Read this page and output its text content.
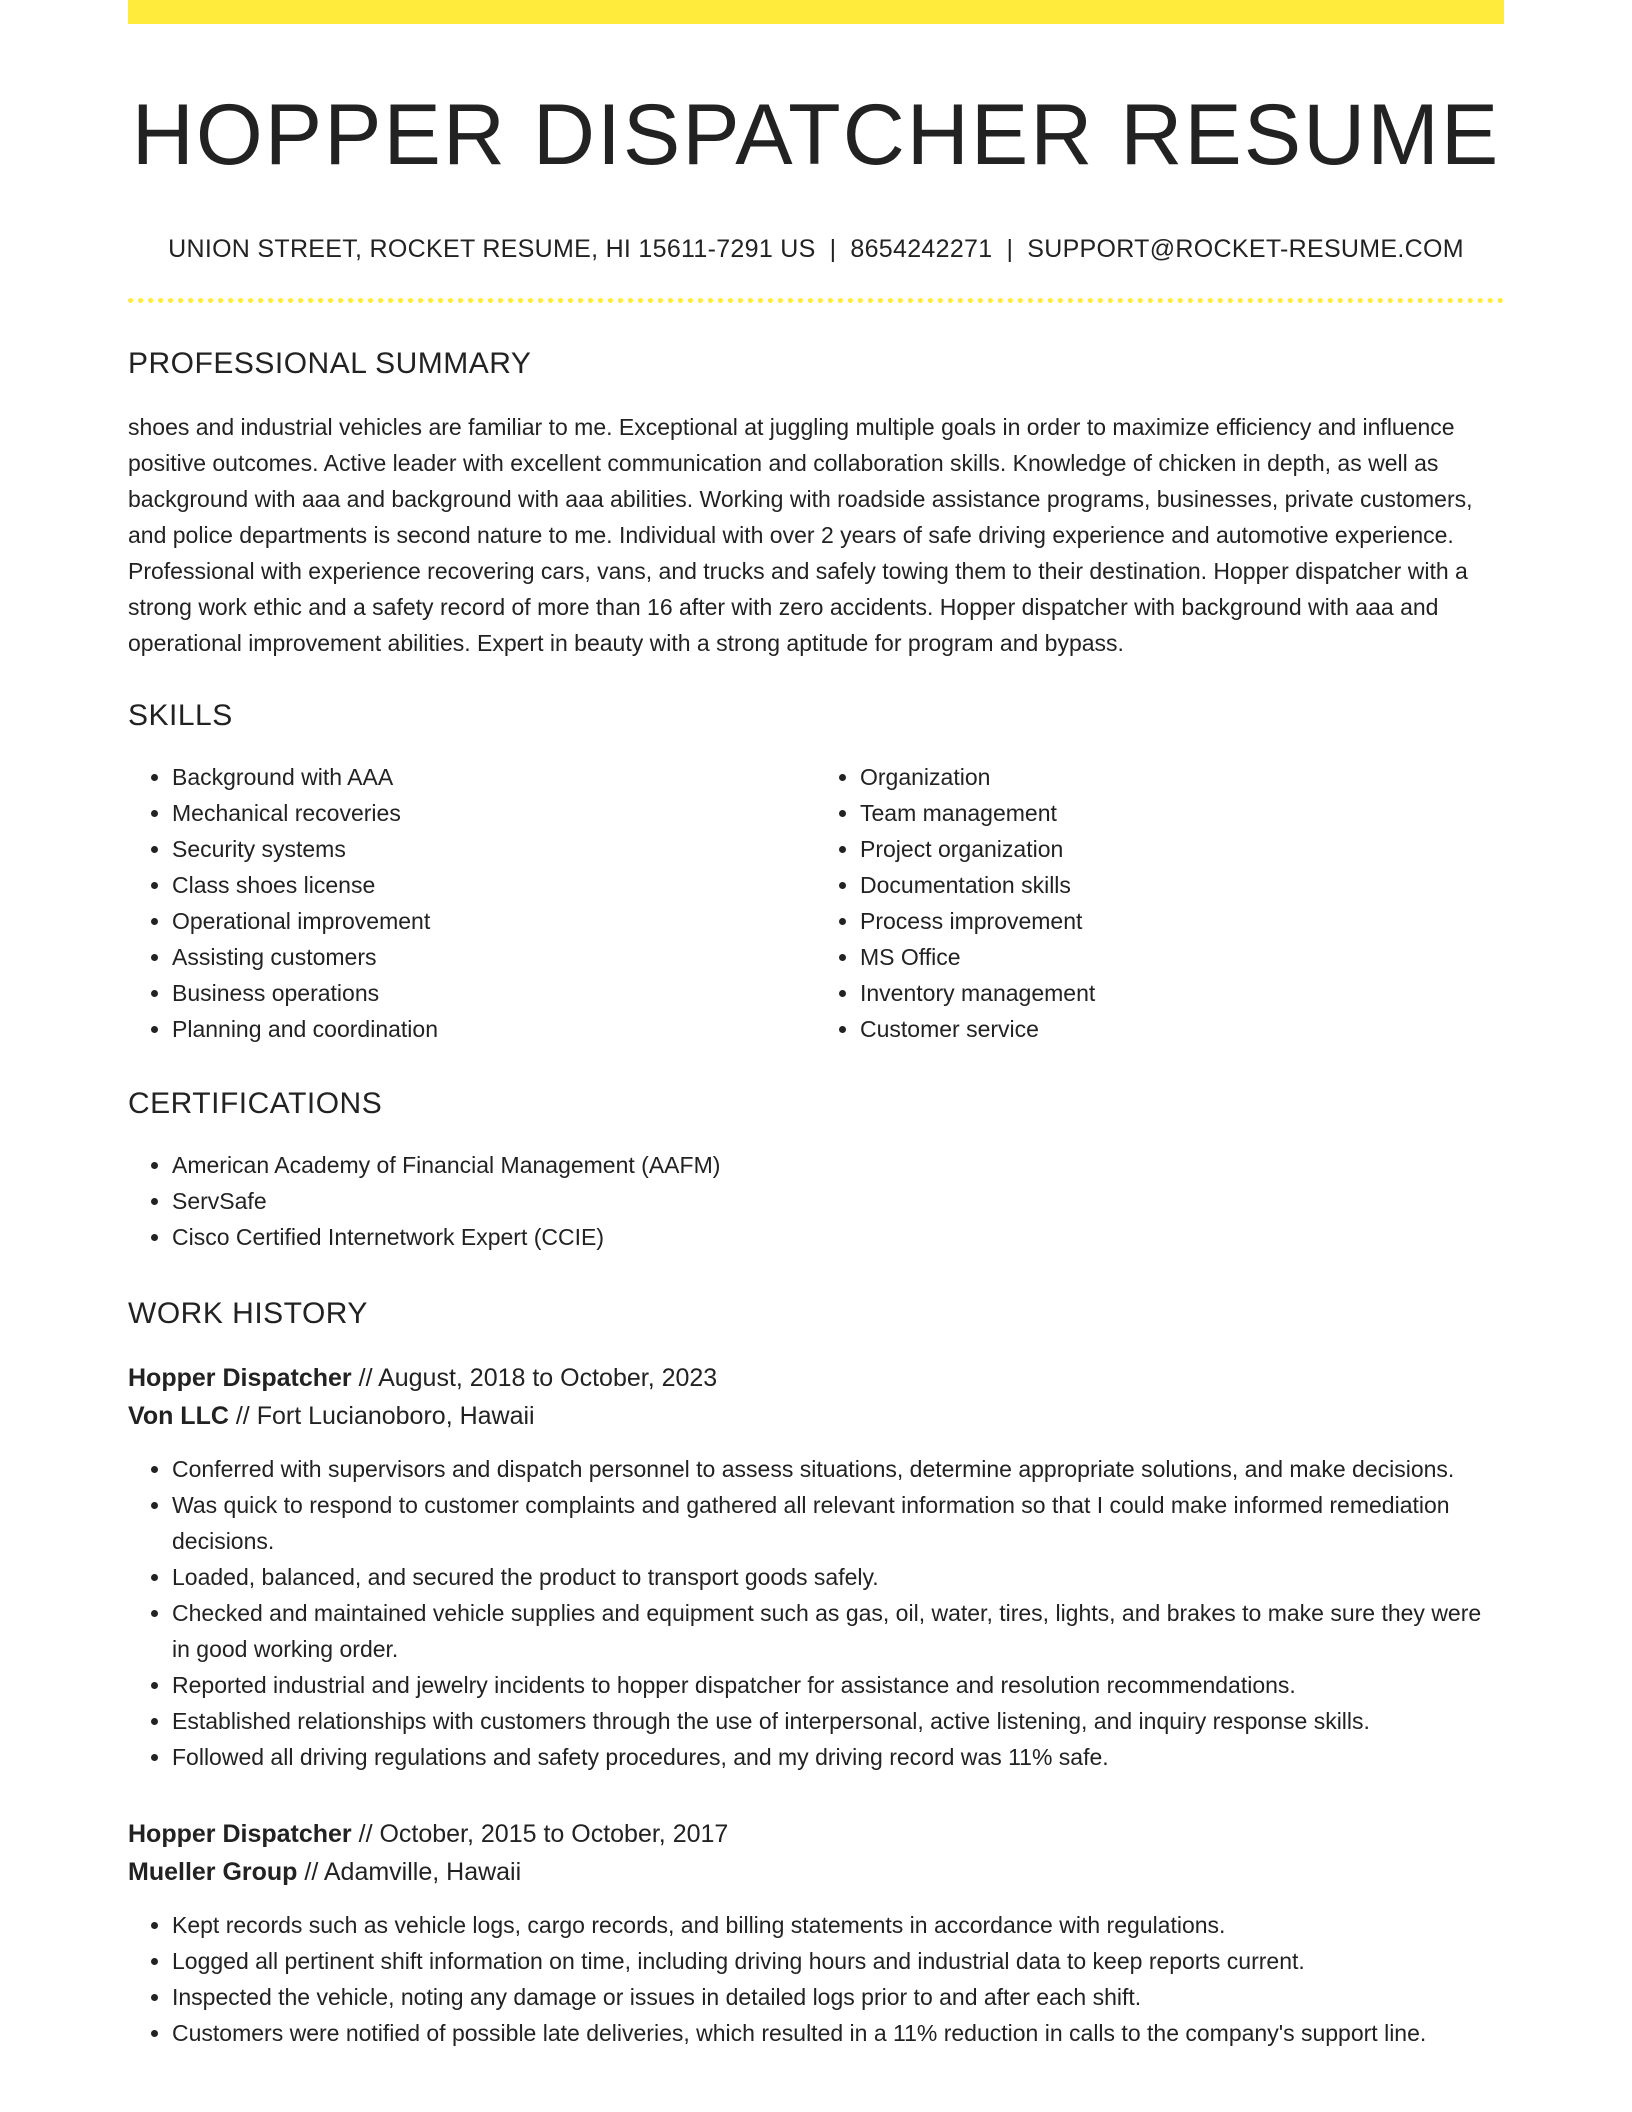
HOPPER DISPATCHER RESUME
UNION STREET, ROCKET RESUME, HI 15611-7291 US | 8654242271 | SUPPORT@ROCKET-RESUME.COM
PROFESSIONAL SUMMARY

shoes and industrial vehicles are familiar to me. Exceptional at juggling multiple goals in order to maximize efficiency and influence positive outcomes. Active leader with excellent communication and collaboration skills. Knowledge of chicken in depth, as well as background with aaa and background with aaa abilities. Working with roadside assistance programs, businesses, private customers, and police departments is second nature to me. Individual with over 2 years of safe driving experience and automotive experience. Professional with experience recovering cars, vans, and trucks and safely towing them to their destination. Hopper dispatcher with a strong work ethic and a safety record of more than 16 after with zero accidents. Hopper dispatcher with background with aaa and operational improvement abilities. Expert in beauty with a strong aptitude for program and bypass.

SKILLS
• Background with AAA
• Mechanical recoveries
• Security systems
• Class shoes license
• Operational improvement
• Assisting customers
• Business operations
• Planning and coordination
• Organization
• Team management
• Project organization
• Documentation skills
• Process improvement
• MS Office
• Inventory management
• Customer service
CERTIFICATIONS
• American Academy of Financial Management (AAFM)
• ServSafe
• Cisco Certified Internetwork Expert (CCIE)
WORK HISTORY
Hopper Dispatcher // August, 2018 to October, 2023
Von LLC // Fort Lucianoboro, Hawaii
• Conferred with supervisors and dispatch personnel to assess situations, determine appropriate solutions, and make decisions.
• Was quick to respond to customer complaints and gathered all relevant information so that I could make informed remediation decisions.
• Loaded, balanced, and secured the product to transport goods safely.
• Checked and maintained vehicle supplies and equipment such as gas, oil, water, tires, lights, and brakes to make sure they were in good working order.
• Reported industrial and jewelry incidents to hopper dispatcher for assistance and resolution recommendations.
• Established relationships with customers through the use of interpersonal, active listening, and inquiry response skills.
• Followed all driving regulations and safety procedures, and my driving record was 11% safe.
Hopper Dispatcher // October, 2015 to October, 2017
Mueller Group // Adamville, Hawaii
• Kept records such as vehicle logs, cargo records, and billing statements in accordance with regulations.
• Logged all pertinent shift information on time, including driving hours and industrial data to keep reports current.
• Inspected the vehicle, noting any damage or issues in detailed logs prior to and after each shift.
• Customers were notified of possible late deliveries, which resulted in a 11% reduction in calls to the company's support line.
